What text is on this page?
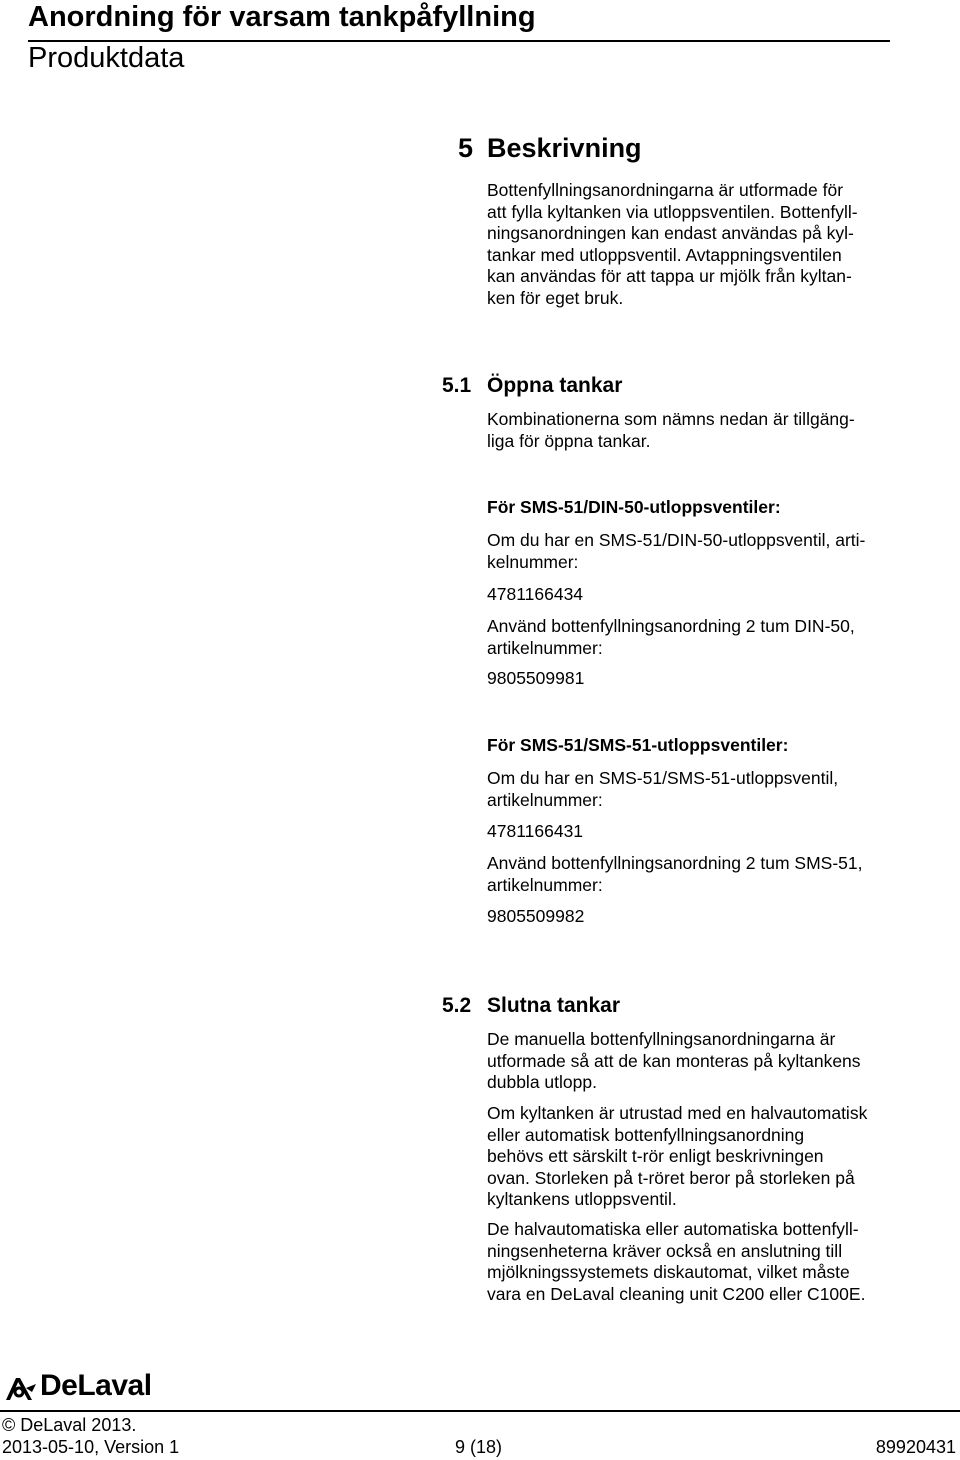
Anordning för varsam tankpåfyllning
Produktdata
5 Beskrivning
Bottenfyllningsanordningarna är utformade för
att fylla kyltanken via utloppsventilen. Bottenfyll-
ningsanordningen kan endast användas på kyl-
tankar med utloppsventil. Avtappningsventilen
kan användas för att tappa ur mjölk från kyltan-
ken för eget bruk.
5.1 Öppna tankar
Kombinationerna som nämns nedan är tillgäng-
liga för öppna tankar.
För SMS-51/DIN-50-utloppsventiler:
Om du har en SMS-51/DIN-50-utloppsventil, arti-
kelnummer:
4781166434
Använd bottenfyllningsanordning 2 tum DIN-50,
artikelnummer:
9805509981
För SMS-51/SMS-51-utloppsventiler:
Om du har en SMS-51/SMS-51-utloppsventil,
artikelnummer:
4781166431
Använd bottenfyllningsanordning 2 tum SMS-51,
artikelnummer:
9805509982
5.2 Slutna tankar
De manuella bottenfyllningsanordningarna är
utformade så att de kan monteras på kyltankens
dubbla utlopp.
Om kyltanken är utrustad med en halvautomatisk
eller automatisk bottenfyllningsanordning
behövs ett särskilt t-rör enligt beskrivningen
ovan. Storleken på t-röret beror på storleken på
kyltankens utloppsventil.
De halvautomatiska eller automatiska bottenfyll-
ningsenheterna kräver också en anslutning till
mjölkningssystemets diskautomat, vilket måste
vara en DeLaval cleaning unit C200 eller C100E.
DeLaval
© DeLaval 2013.
2013-05-10, Version 1	9 (18)	89920431
